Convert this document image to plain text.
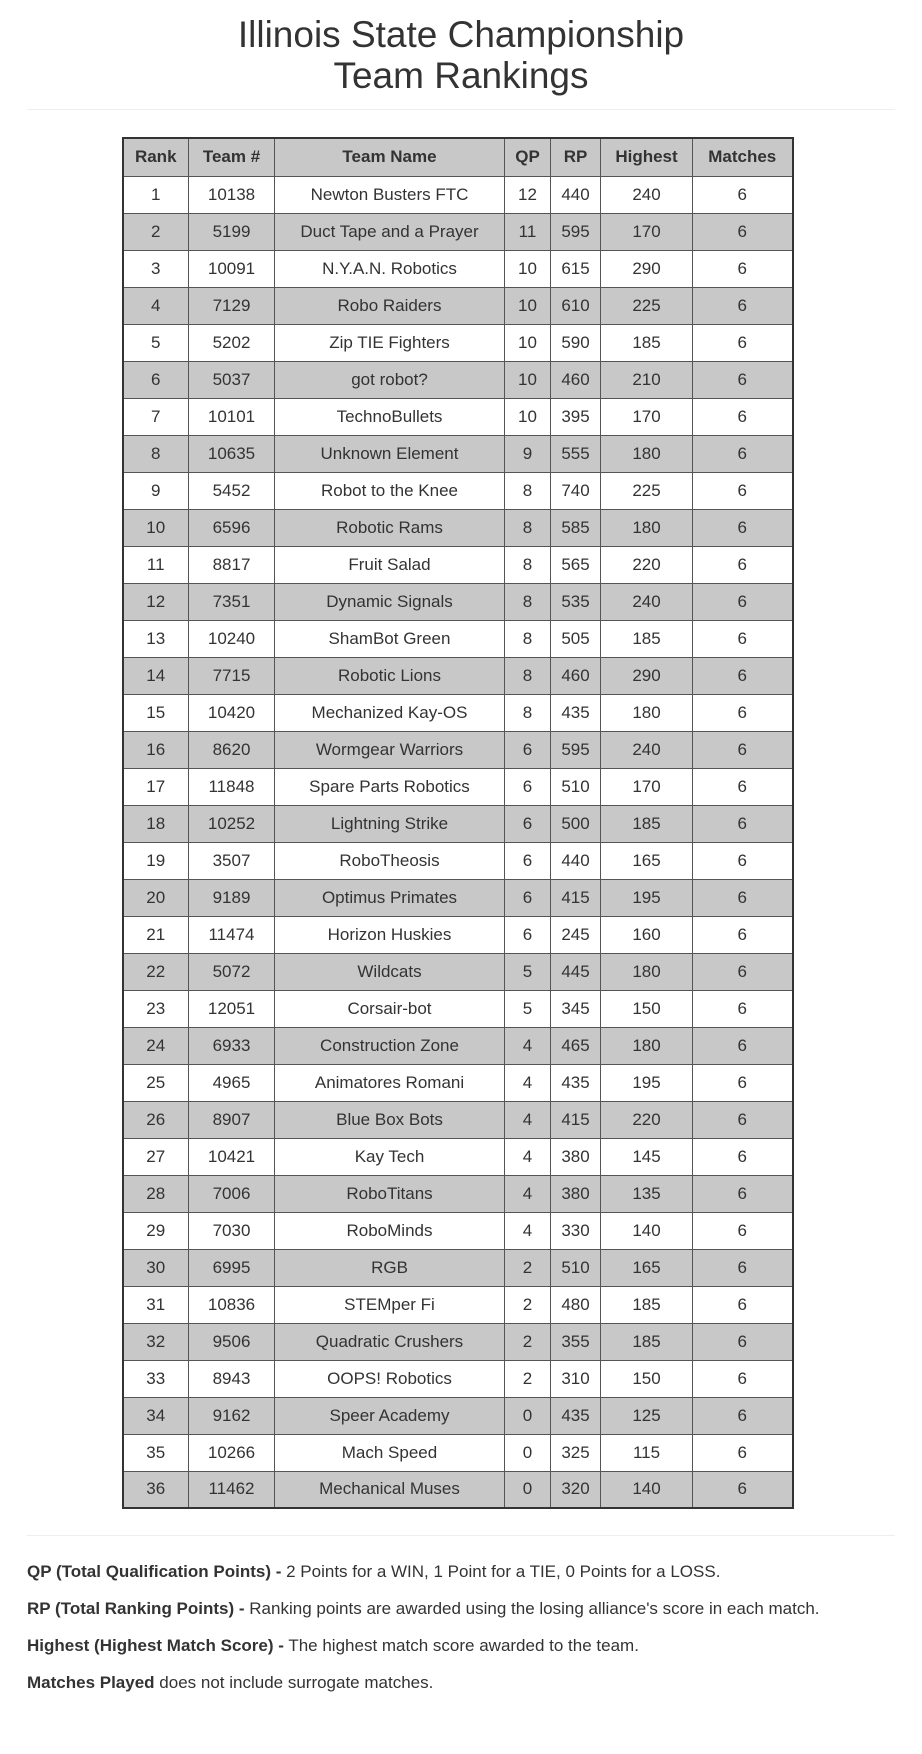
Illinois State Championship
Team Rankings
Rank	Team #	Team Name	QP	RP	Highest	Matches
1	10138	Newton Busters FTC	12	440	240	6
2	5199	Duct Tape and a Prayer	11	595	170	6
3	10091	N.Y.A.N. Robotics	10	615	290	6
4	7129	Robo Raiders	10	610	225	6
5	5202	Zip TIE Fighters	10	590	185	6
6	5037	got robot?	10	460	210	6
7	10101	TechnoBullets	10	395	170	6
8	10635	Unknown Element	9	555	180	6
9	5452	Robot to the Knee	8	740	225	6
10	6596	Robotic Rams	8	585	180	6
11	8817	Fruit Salad	8	565	220	6
12	7351	Dynamic Signals	8	535	240	6
13	10240	ShamBot Green	8	505	185	6
14	7715	Robotic Lions	8	460	290	6
15	10420	Mechanized Kay-OS	8	435	180	6
16	8620	Wormgear Warriors	6	595	240	6
17	11848	Spare Parts Robotics	6	510	170	6
18	10252	Lightning Strike	6	500	185	6
19	3507	RoboTheosis	6	440	165	6
20	9189	Optimus Primates	6	415	195	6
21	11474	Horizon Huskies	6	245	160	6
22	5072	Wildcats	5	445	180	6
23	12051	Corsair-bot	5	345	150	6
24	6933	Construction Zone	4	465	180	6
25	4965	Animatores Romani	4	435	195	6
26	8907	Blue Box Bots	4	415	220	6
27	10421	Kay Tech	4	380	145	6
28	7006	RoboTitans	4	380	135	6
29	7030	RoboMinds	4	330	140	6
30	6995	RGB	2	510	165	6
31	10836	STEMper Fi	2	480	185	6
32	9506	Quadratic Crushers	2	355	185	6
33	8943	OOPS! Robotics	2	310	150	6
34	9162	Speer Academy	0	435	125	6
35	10266	Mach Speed	0	325	115	6
36	11462	Mechanical Muses	0	320	140	6

QP (Total Qualification Points) - 2 Points for a WIN, 1 Point for a TIE, 0 Points for a LOSS.

RP (Total Ranking Points) - Ranking points are awarded using the losing alliance's score in each match.

Highest (Highest Match Score) - The highest match score awarded to the team.

Matches Played does not include surrogate matches.
